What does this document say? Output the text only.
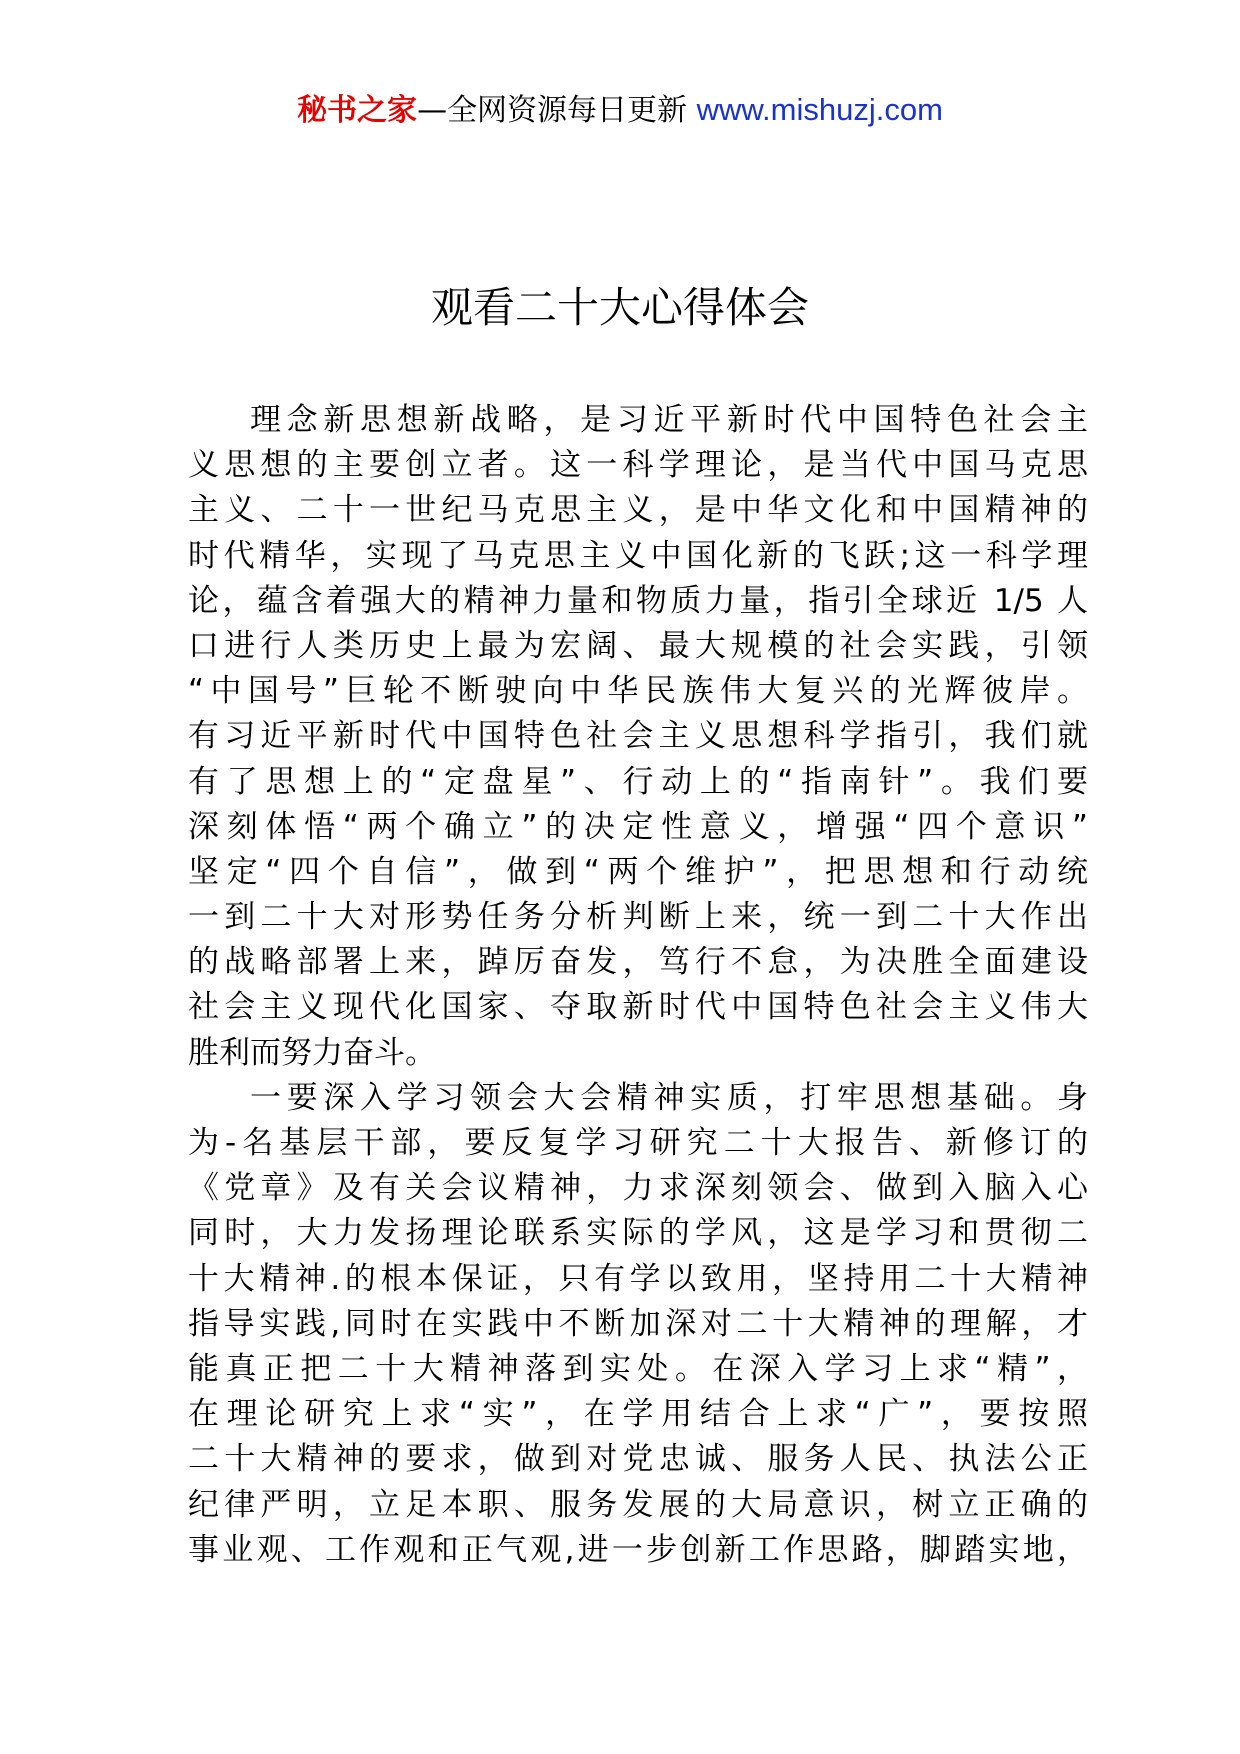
秘书之家—全网资源每日更新 www.mishuzj.com
观看二十大心得体会
理念新思想新战略，是习近平新时代中国特色社会主
义思想的主要创立者。这一科学理论，是当代中国马克思
主义、二十一世纪马克思主义，是中华文化和中国精神的
时代精华，实现了马克思主义中国化新的飞跃;这一科学理
论，蕴含着强大的精神力量和物质力量，指引全球近 1/5 人
口进行人类历史上最为宏阔、最大规模的社会实践，引领
“中国号”巨轮不断驶向中华民族伟大复兴的光辉彼岸。
有习近平新时代中国特色社会主义思想科学指引，我们就
有了思想上的“定盘星”、行动上的“指南针”。我们要
深刻体悟“两个确立”的决定性意义，增强“四个意识”
坚定“四个自信”，做到“两个维护”，把思想和行动统
一到二十大对形势任务分析判断上来，统一到二十大作出
的战略部署上来，踔厉奋发，笃行不怠，为决胜全面建设
社会主义现代化国家、夺取新时代中国特色社会主义伟大
胜利而努力奋斗。
一要深入学习领会大会精神实质，打牢思想基础。身
为-名基层干部，要反复学习研究二十大报告、新修订的
《党章》及有关会议精神，力求深刻领会、做到入脑入心
同时，大力发扬理论联系实际的学风，这是学习和贯彻二
十大精神.的根本保证，只有学以致用，坚持用二十大精神
指导实践,同时在实践中不断加深对二十大精神的理解，才
能真正把二十大精神落到实处。在深入学习上求“精”，
在理论研究上求“实”，在学用结合上求“广”，要按照
二十大精神的要求，做到对党忠诚、服务人民、执法公正
纪律严明，立足本职、服务发展的大局意识，树立正确的
事业观、工作观和正气观,进一步创新工作思路，脚踏实地，
